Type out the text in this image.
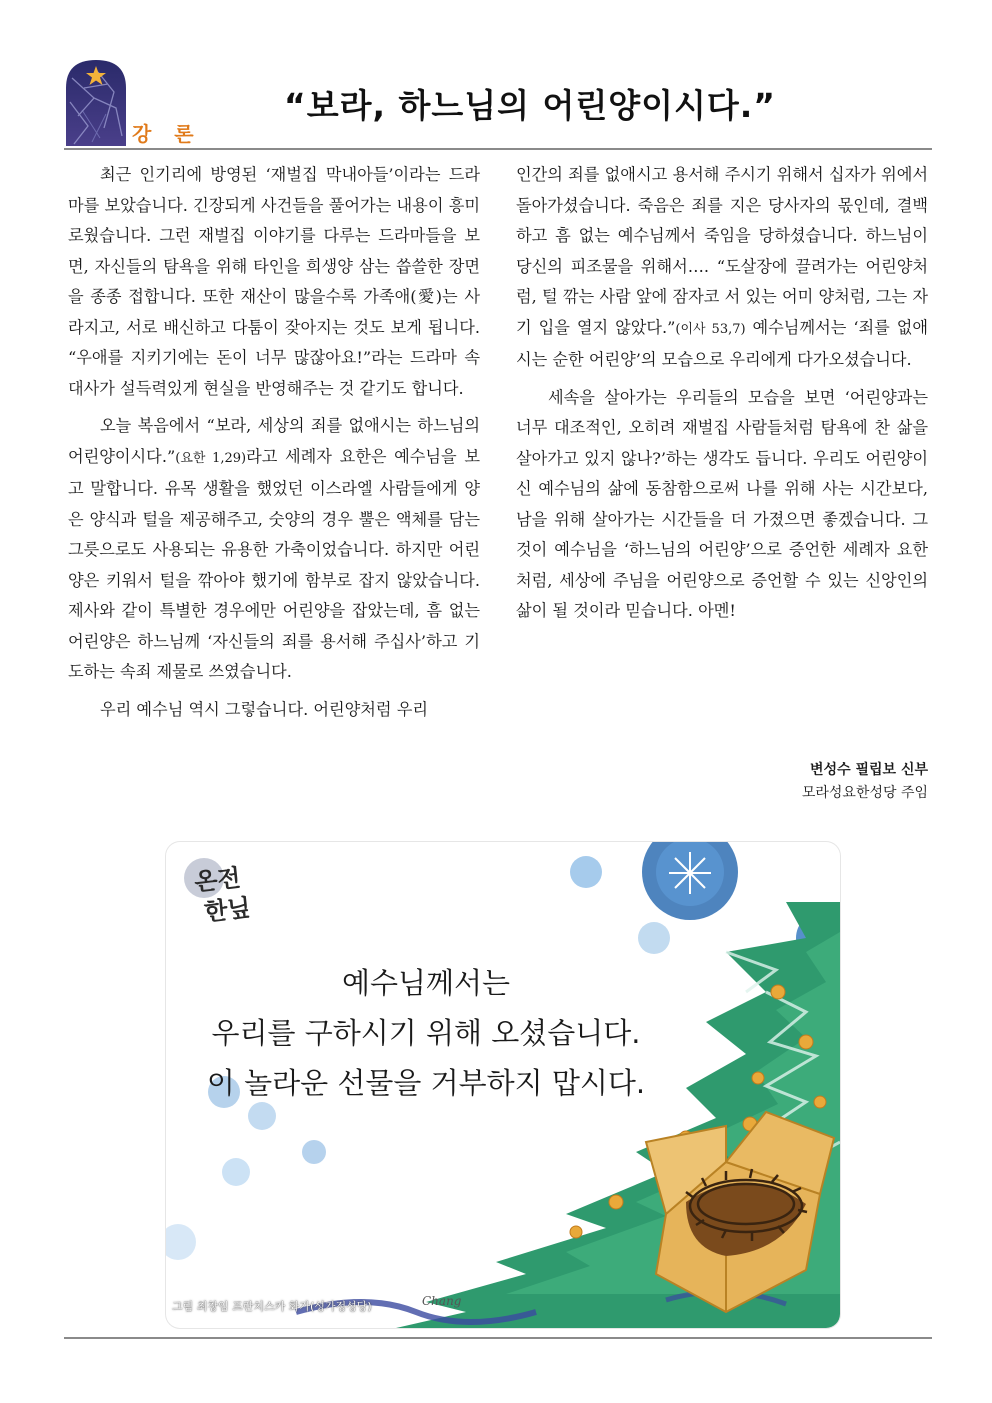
강 론
“보라, 하느님의 어린양이시다.”

최근 인기리에 방영된 ‘재벌집 막내아들’이라는 드라마를 보았습니다. 긴장되게 사건들을 풀어가는 내용이 흥미로웠습니다. 그런 재벌집 이야기를 다루는 드라마들을 보면, 자신들의 탐욕을 위해 타인을 희생양 삼는 씁쓸한 장면을 종종 접합니다. 또한 재산이 많을수록 가족애(愛)는 사라지고, 서로 배신하고 다툼이 잦아지는 것도 보게 됩니다. “우애를 지키기에는 돈이 너무 많잖아요!”라는 드라마 속 대사가 설득력있게 현실을 반영해주는 것 같기도 합니다.

오늘 복음에서 “보라, 세상의 죄를 없애시는 하느님의 어린양이시다.”(요한 1,29)라고 세례자 요한은 예수님을 보고 말합니다. 유목 생활을 했었던 이스라엘 사람들에게 양은 양식과 털을 제공해주고, 숫양의 경우 뿔은 액체를 담는 그릇으로도 사용되는 유용한 가축이었습니다. 하지만 어린양은 키워서 털을 깎아야 했기에 함부로 잡지 않았습니다. 제사와 같이 특별한 경우에만 어린양을 잡았는데, 흠 없는 어린양은 하느님께 ‘자신들의 죄를 용서해 주십사’하고 기도하는 속죄 제물로 쓰였습니다.

우리 예수님 역시 그렇습니다. 어린양처럼 우리

인간의 죄를 없애시고 용서해 주시기 위해서 십자가 위에서 돌아가셨습니다. 죽음은 죄를 지은 당사자의 몫인데, 결백하고 흠 없는 예수님께서 죽임을 당하셨습니다. 하느님이 당신의 피조물을 위해서…. “도살장에 끌려가는 어린양처럼, 털 깎는 사람 앞에 잠자코 서 있는 어미 양처럼, 그는 자기 입을 열지 않았다.”(이사 53,7) 예수님께서는 ‘죄를 없애시는 순한 어린양’의 모습으로 우리에게 다가오셨습니다.

세속을 살아가는 우리들의 모습을 보면 ‘어린양과는 너무 대조적인, 오히려 재벌집 사람들처럼 탐욕에 찬 삶을 살아가고 있지 않나?’하는 생각도 듭니다. 우리도 어린양이신 예수님의 삶에 동참함으로써 나를 위해 사는 시간보다, 남을 위해 살아가는 시간들을 더 가졌으면 좋겠습니다. 그것이 예수님을 ‘하느님의 어린양’으로 증언한 세례자 요한처럼, 세상에 주님을 어린양으로 증언할 수 있는 신앙인의 삶이 될 것이라 믿습니다. 아멘!

변성수 필립보 신부
모라성요한성당 주임
온전
한닢
예수님께서는
우리를 구하시기 위해 오셨습니다.
이 놀라운 선물을 거부하지 맙시다.
그림 최창임 프란치스카 화가(성가정성당)	Chang
